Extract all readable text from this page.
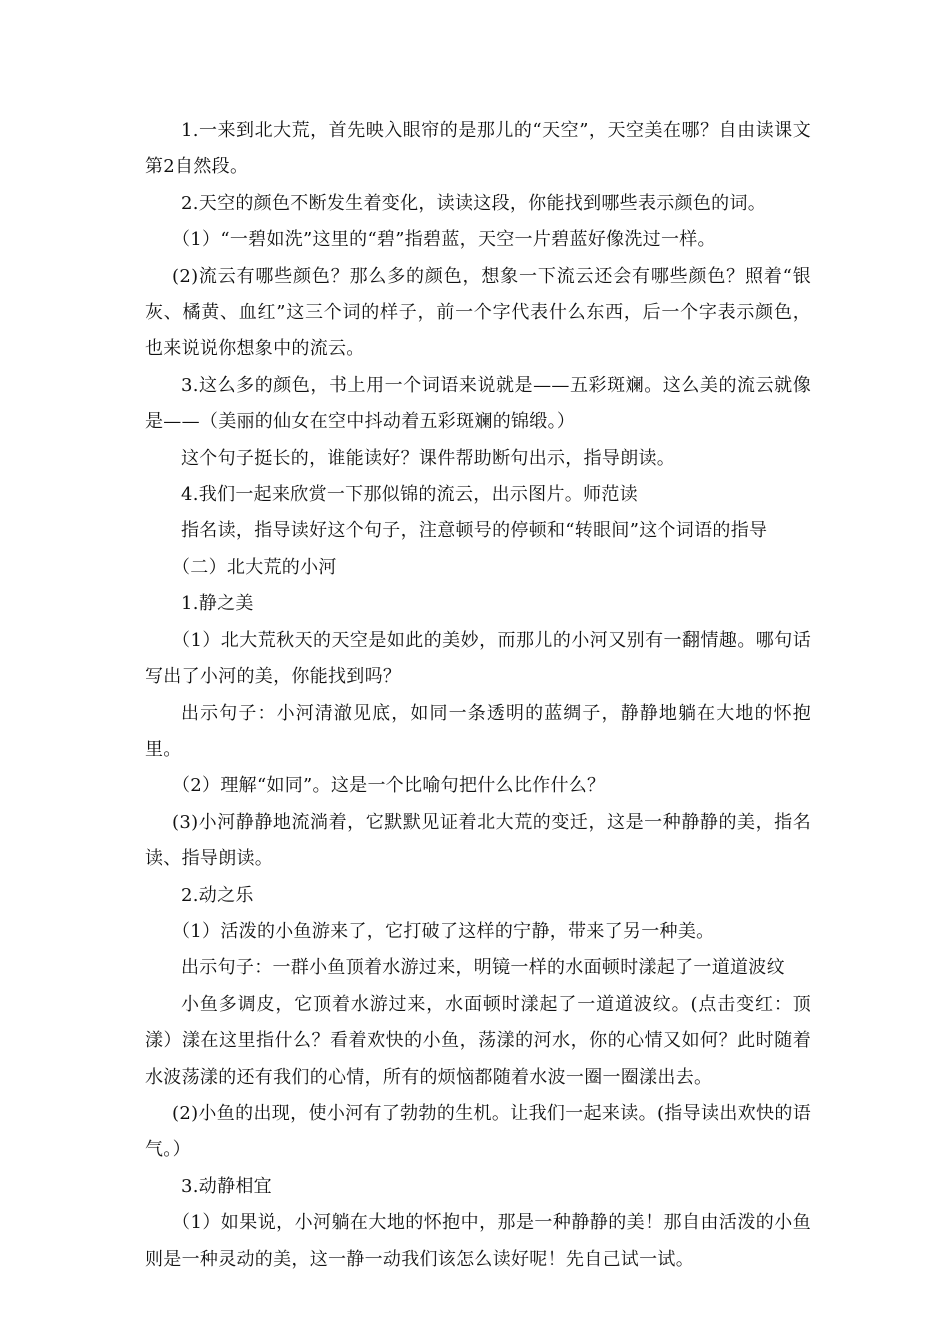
1.一来到北大荒，首先映入眼帘的是那儿的“天空”，天空美在哪？自由读课文第2自然段。

2.天空的颜色不断发生着变化，读读这段，你能找到哪些表示颜色的词。

（1）“一碧如洗”这里的“碧”指碧蓝，天空一片碧蓝好像洗过一样。

(2)流云有哪些颜色？那么多的颜色，想象一下流云还会有哪些颜色？照着“银灰、橘黄、血红”这三个词的样子，前一个字代表什么东西，后一个字表示颜色，也来说说你想象中的流云。

3.这么多的颜色，书上用一个词语来说就是——五彩斑斓。这么美的流云就像是——（美丽的仙女在空中抖动着五彩斑斓的锦缎。）

这个句子挺长的，谁能读好？课件帮助断句出示，指导朗读。

4.我们一起来欣赏一下那似锦的流云，出示图片。师范读

指名读，指导读好这个句子，注意顿号的停顿和“转眼间”这个词语的指导

（二）北大荒的小河

1.静之美

（1）北大荒秋天的天空是如此的美妙，而那儿的小河又别有一翻情趣。哪句话写出了小河的美，你能找到吗？

出示句子：小河清澈见底，如同一条透明的蓝绸子，静静地躺在大地的怀抱里。

（2）理解“如同”。这是一个比喻句把什么比作什么？

(3)小河静静地流淌着，它默默见证着北大荒的变迁，这是一种静静的美，指名读、指导朗读。

2.动之乐

（1）活泼的小鱼游来了，它打破了这样的宁静，带来了另一种美。

出示句子：一群小鱼顶着水游过来，明镜一样的水面顿时漾起了一道道波纹

小鱼多调皮，它顶着水游过来，水面顿时漾起了一道道波纹。(点击变红：顶漾）漾在这里指什么？看着欢快的小鱼，荡漾的河水，你的心情又如何？此时随着水波荡漾的还有我们的心情，所有的烦恼都随着水波一圈一圈漾出去。

(2)小鱼的出现，使小河有了勃勃的生机。让我们一起来读。(指导读出欢快的语气。）

3.动静相宜

（1）如果说，小河躺在大地的怀抱中，那是一种静静的美！那自由活泼的小鱼则是一种灵动的美，这一静一动我们该怎么读好呢！先自己试一试。
